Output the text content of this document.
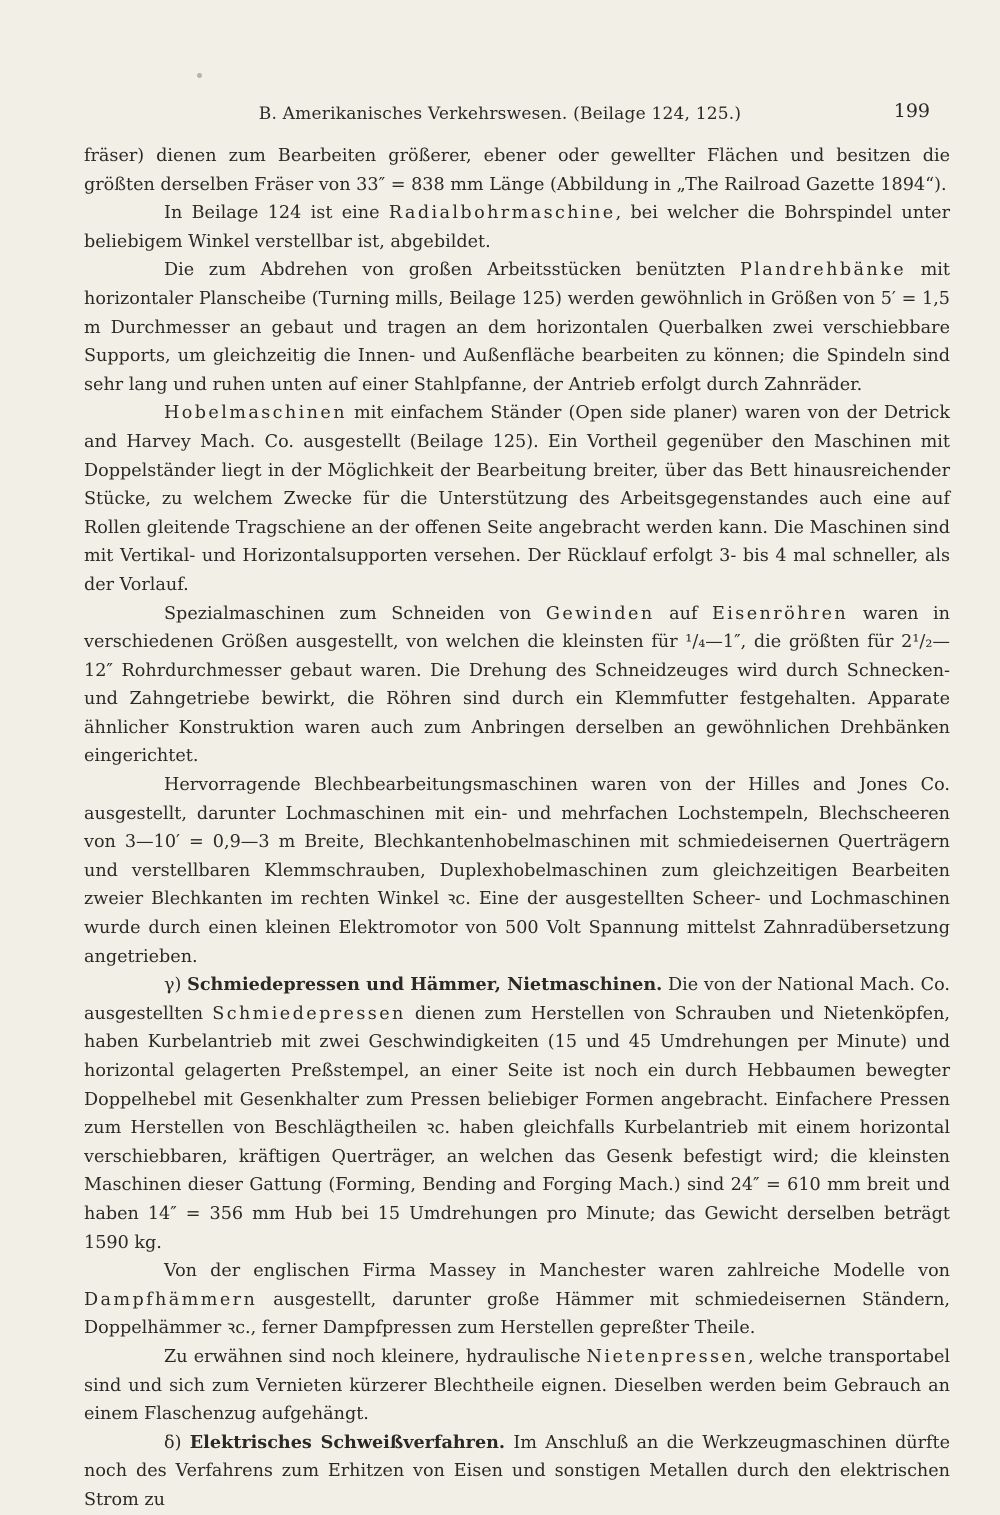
B. Amerikanisches Verkehrswesen. (Beilage 124, 125.)	199

fräser) dienen zum Bearbeiten größerer, ebener oder gewellter Flächen und besitzen die größten derselben Fräser von 33″ = 838 mm Länge (Abbildung in „The Railroad Gazette 1894“).

In Beilage 124 ist eine Radialbohrmaschine, bei welcher die Bohrspindel unter beliebigem Winkel verstellbar ist, abgebildet.

Die zum Abdrehen von großen Arbeitsstücken benützten Plandrehbänke mit horizontaler Planscheibe (Turning mills, Beilage 125) werden gewöhnlich in Größen von 5′ = 1,5 m Durchmesser an gebaut und tragen an dem horizontalen Querbalken zwei verschiebbare Supports, um gleichzeitig die Innen- und Außenfläche bearbeiten zu können; die Spindeln sind sehr lang und ruhen unten auf einer Stahlpfanne, der Antrieb erfolgt durch Zahnräder.

Hobelmaschinen mit einfachem Ständer (Open side planer) waren von der Detrick and Harvey Mach. Co. ausgestellt (Beilage 125). Ein Vortheil gegenüber den Maschinen mit Doppelständer liegt in der Möglichkeit der Bearbeitung breiter, über das Bett hinausreichender Stücke, zu welchem Zwecke für die Unterstützung des Arbeitsgegenstandes auch eine auf Rollen gleitende Tragschiene an der offenen Seite angebracht werden kann. Die Maschinen sind mit Vertikal- und Horizontalsupporten versehen. Der Rücklauf erfolgt 3- bis 4 mal schneller, als der Vorlauf.

Spezialmaschinen zum Schneiden von Gewinden auf Eisenröhren waren in verschiedenen Größen ausgestellt, von welchen die kleinsten für ¹/₄—1″, die größten für 2¹/₂—12″ Rohrdurchmesser gebaut waren. Die Drehung des Schneidzeuges wird durch Schnecken- und Zahngetriebe bewirkt, die Röhren sind durch ein Klemmfutter festgehalten. Apparate ähnlicher Konstruktion waren auch zum Anbringen derselben an gewöhnlichen Drehbänken eingerichtet.

Hervorragende Blechbearbeitungsmaschinen waren von der Hilles and Jones Co. ausgestellt, darunter Lochmaschinen mit ein- und mehrfachen Lochstempeln, Blechscheeren von 3—10′ = 0,9—3 m Breite, Blechkantenhobelmaschinen mit schmiedeisernen Querträgern und verstellbaren Klemmschrauben, Duplexhobelmaschinen zum gleichzeitigen Bearbeiten zweier Blechkanten im rechten Winkel ꝛc. Eine der ausgestellten Scheer- und Lochmaschinen wurde durch einen kleinen Elektromotor von 500 Volt Spannung mittelst Zahnradübersetzung angetrieben.

γ) Schmiedepressen und Hämmer, Nietmaschinen. Die von der National Mach. Co. ausgestellten Schmiedepressen dienen zum Herstellen von Schrauben und Nietenköpfen, haben Kurbelantrieb mit zwei Geschwindigkeiten (15 und 45 Umdrehungen per Minute) und horizontal gelagerten Preßstempel, an einer Seite ist noch ein durch Hebbaumen bewegter Doppelhebel mit Gesenkhalter zum Pressen beliebiger Formen angebracht. Einfachere Pressen zum Herstellen von Beschlägtheilen ꝛc. haben gleichfalls Kurbelantrieb mit einem horizontal verschiebbaren, kräftigen Querträger, an welchen das Gesenk befestigt wird; die kleinsten Maschinen dieser Gattung (Forming, Bending and Forging Mach.) sind 24″ = 610 mm breit und haben 14″ = 356 mm Hub bei 15 Umdrehungen pro Minute; das Gewicht derselben beträgt 1590 kg.

Von der englischen Firma Massey in Manchester waren zahlreiche Modelle von Dampfhämmern ausgestellt, darunter große Hämmer mit schmiedeisernen Ständern, Doppelhämmer ꝛc., ferner Dampfpressen zum Herstellen gepreßter Theile.

Zu erwähnen sind noch kleinere, hydraulische Nietenpressen, welche transportabel sind und sich zum Vernieten kürzerer Blechtheile eignen. Dieselben werden beim Gebrauch an einem Flaschenzug aufgehängt.

δ) Elektrisches Schweißverfahren. Im Anschluß an die Werkzeugmaschinen dürfte noch des Verfahrens zum Erhitzen von Eisen und sonstigen Metallen durch den elektrischen Strom zu
